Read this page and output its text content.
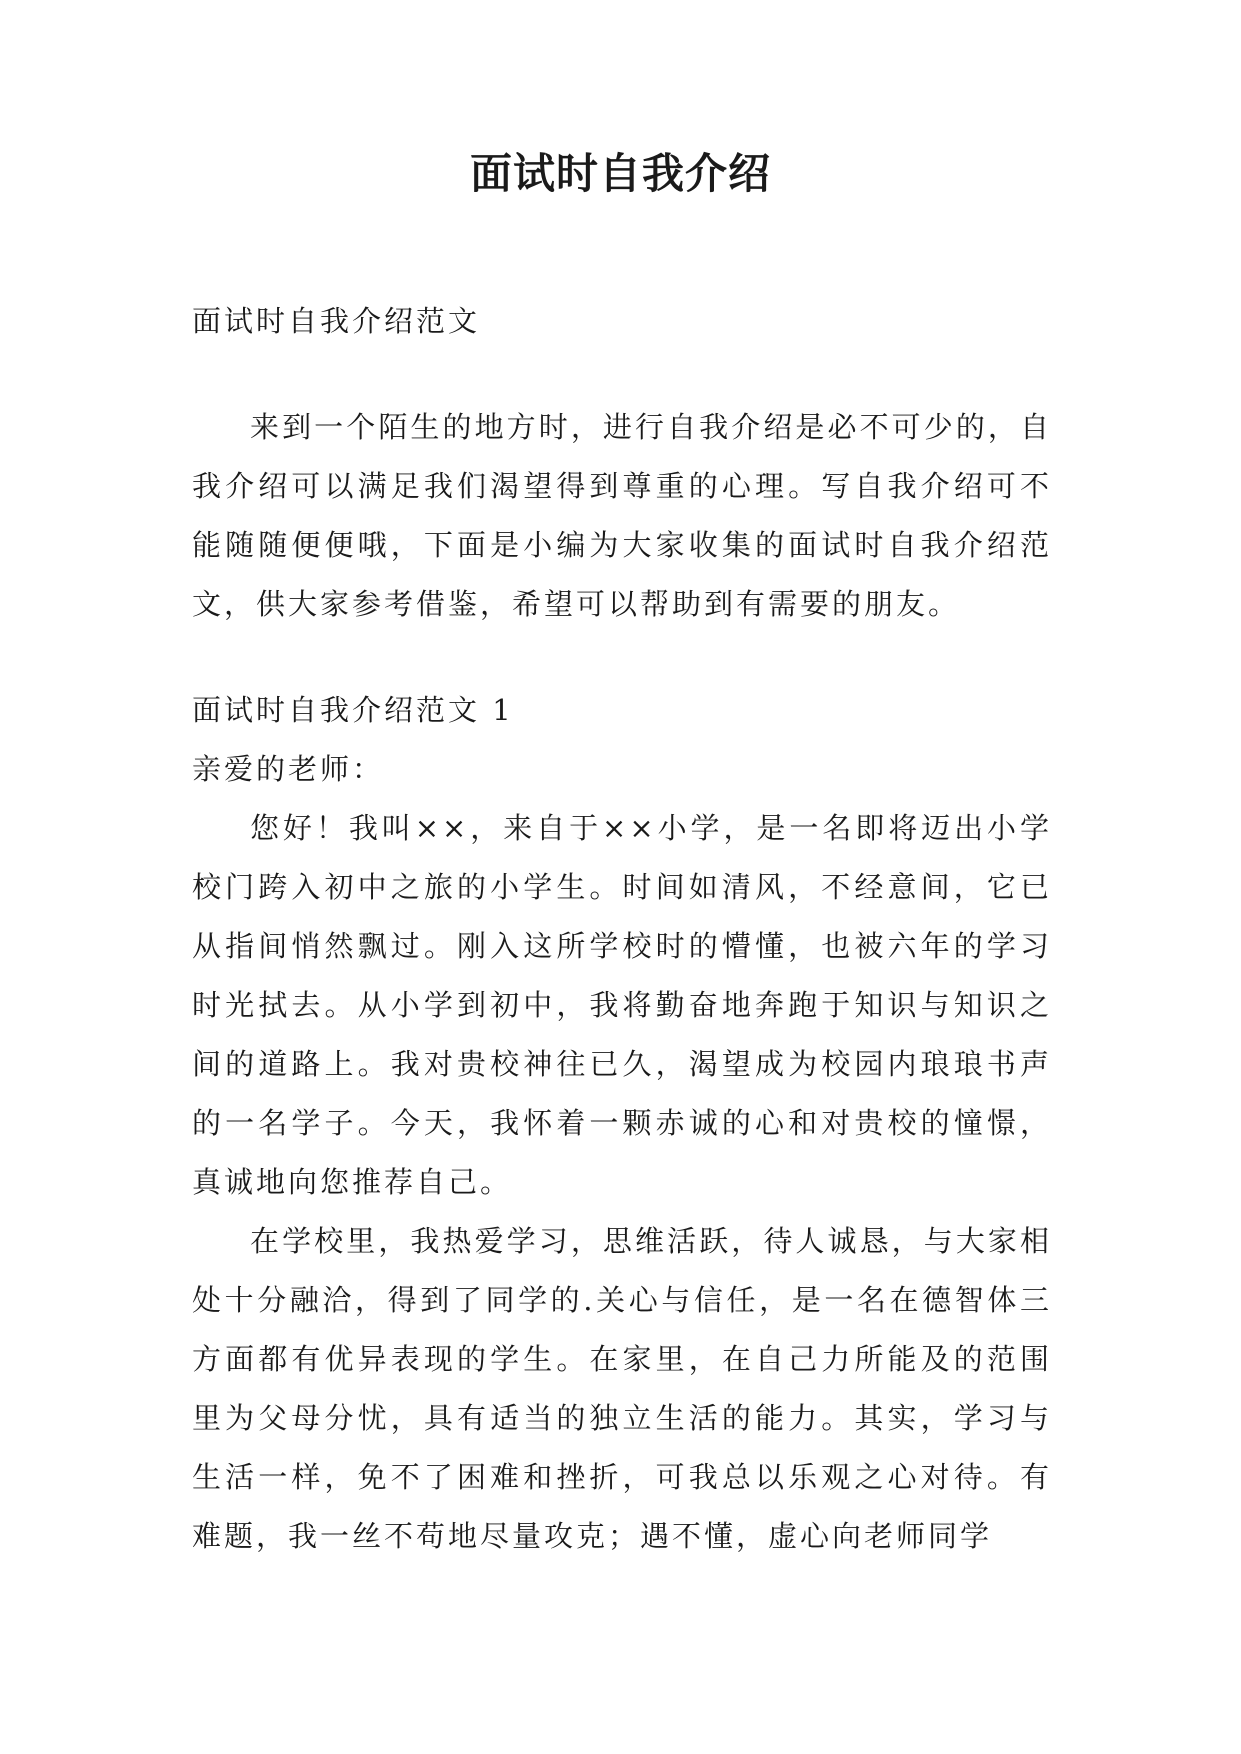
面试时自我介绍

面试时自我介绍范文

来到一个陌生的地方时，进行自我介绍是必不可少的，自我介绍可以满足我们渴望得到尊重的心理。写自我介绍可不能随随便便哦，下面是小编为大家收集的面试时自我介绍范文，供大家参考借鉴，希望可以帮助到有需要的朋友。

面试时自我介绍范文 1

亲爱的老师：

您好！我叫××，来自于××小学，是一名即将迈出小学校门跨入初中之旅的小学生。时间如清风，不经意间，它已从指间悄然飘过。刚入这所学校时的懵懂，也被六年的学习时光拭去。从小学到初中，我将勤奋地奔跑于知识与知识之间的道路上。我对贵校神往已久，渴望成为校园内琅琅书声的一名学子。今天，我怀着一颗赤诚的心和对贵校的憧憬，真诚地向您推荐自己。

在学校里，我热爱学习，思维活跃，待人诚恳，与大家相处十分融洽，得到了同学的.关心与信任，是一名在德智体三方面都有优异表现的学生。在家里，在自己力所能及的范围里为父母分忧，具有适当的独立生活的能力。其实，学习与生活一样，免不了困难和挫折，可我总以乐观之心对待。有难题，我一丝不苟地尽量攻克；遇不懂，虚心向老师同学
